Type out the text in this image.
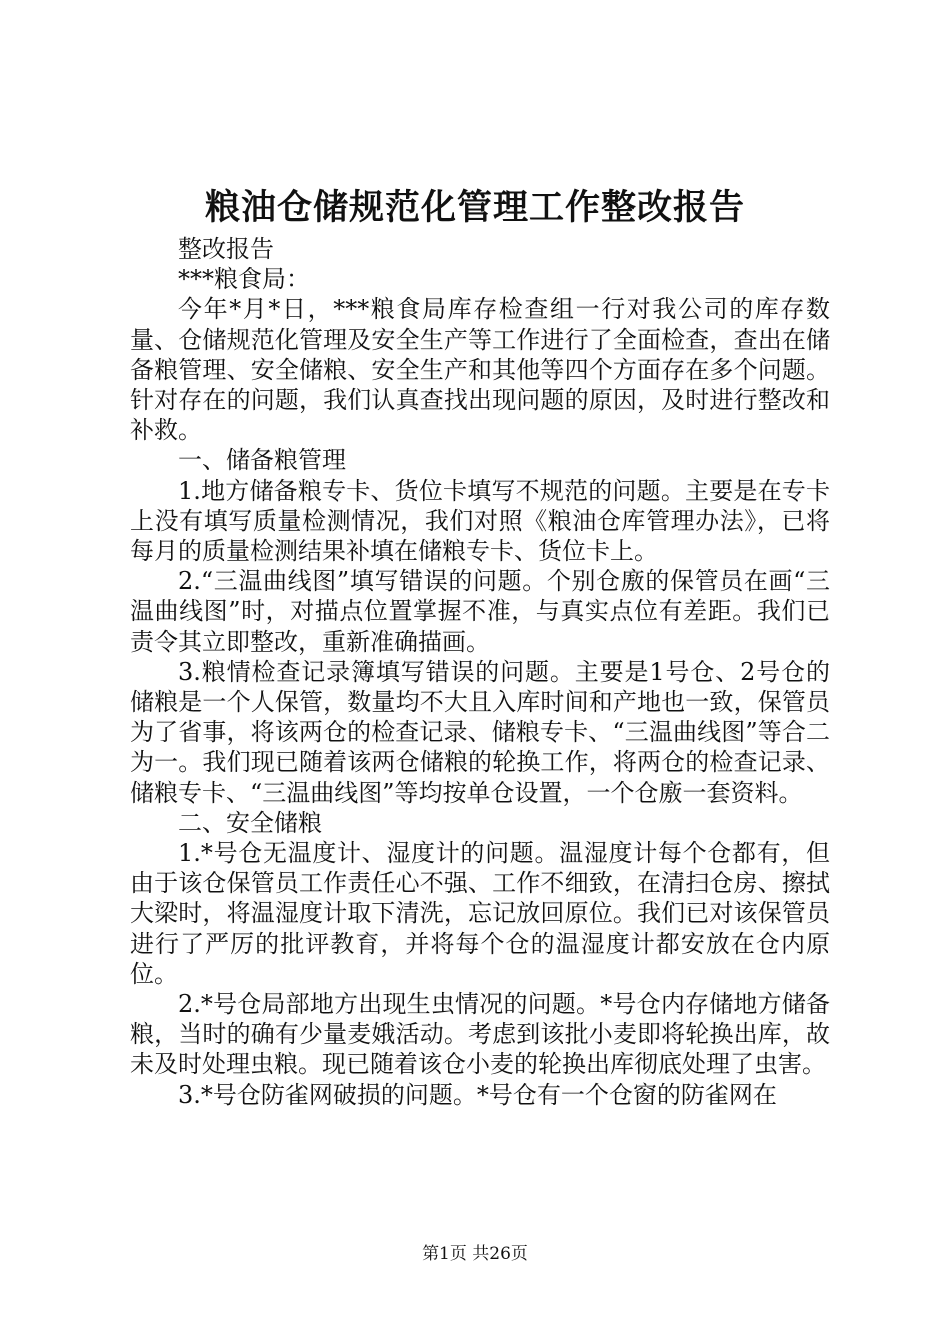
粮油仓储规范化管理工作整改报告

整改报告

***粮食局：

今年*月*日，***粮食局库存检查组一行对我公司的库存数量、仓储规范化管理及安全生产等工作进行了全面检查，查出在储备粮管理、安全储粮、安全生产和其他等四个方面存在多个问题。针对存在的问题，我们认真查找出现问题的原因，及时进行整改和补救。

一、储备粮管理

1.地方储备粮专卡、货位卡填写不规范的问题。主要是在专卡上没有填写质量检测情况，我们对照《粮油仓库管理办法》，已将每月的质量检测结果补填在储粮专卡、货位卡上。

2.“三温曲线图”填写错误的问题。个别仓廒的保管员在画“三温曲线图”时，对描点位置掌握不准，与真实点位有差距。我们已责令其立即整改，重新准确描画。

3.粮情检查记录簿填写错误的问题。主要是1号仓、2号仓的储粮是一个人保管，数量均不大且入库时间和产地也一致，保管员为了省事，将该两仓的检查记录、储粮专卡、“三温曲线图”等合二为一。我们现已随着该两仓储粮的轮换工作，将两仓的检查记录、储粮专卡、“三温曲线图”等均按单仓设置，一个仓廒一套资料。

二、安全储粮

1.*号仓无温度计、湿度计的问题。温湿度计每个仓都有，但由于该仓保管员工作责任心不强、工作不细致，在清扫仓房、擦拭大梁时，将温湿度计取下清洗，忘记放回原位。我们已对该保管员进行了严厉的批评教育，并将每个仓的温湿度计都安放在仓内原位。

2.*号仓局部地方出现生虫情况的问题。*号仓内存储地方储备粮，当时的确有少量麦娥活动。考虑到该批小麦即将轮换出库，故未及时处理虫粮。现已随着该仓小麦的轮换出库彻底处理了虫害。

3.*号仓防雀网破损的问题。*号仓有一个仓窗的防雀网在

第1页 共26页
